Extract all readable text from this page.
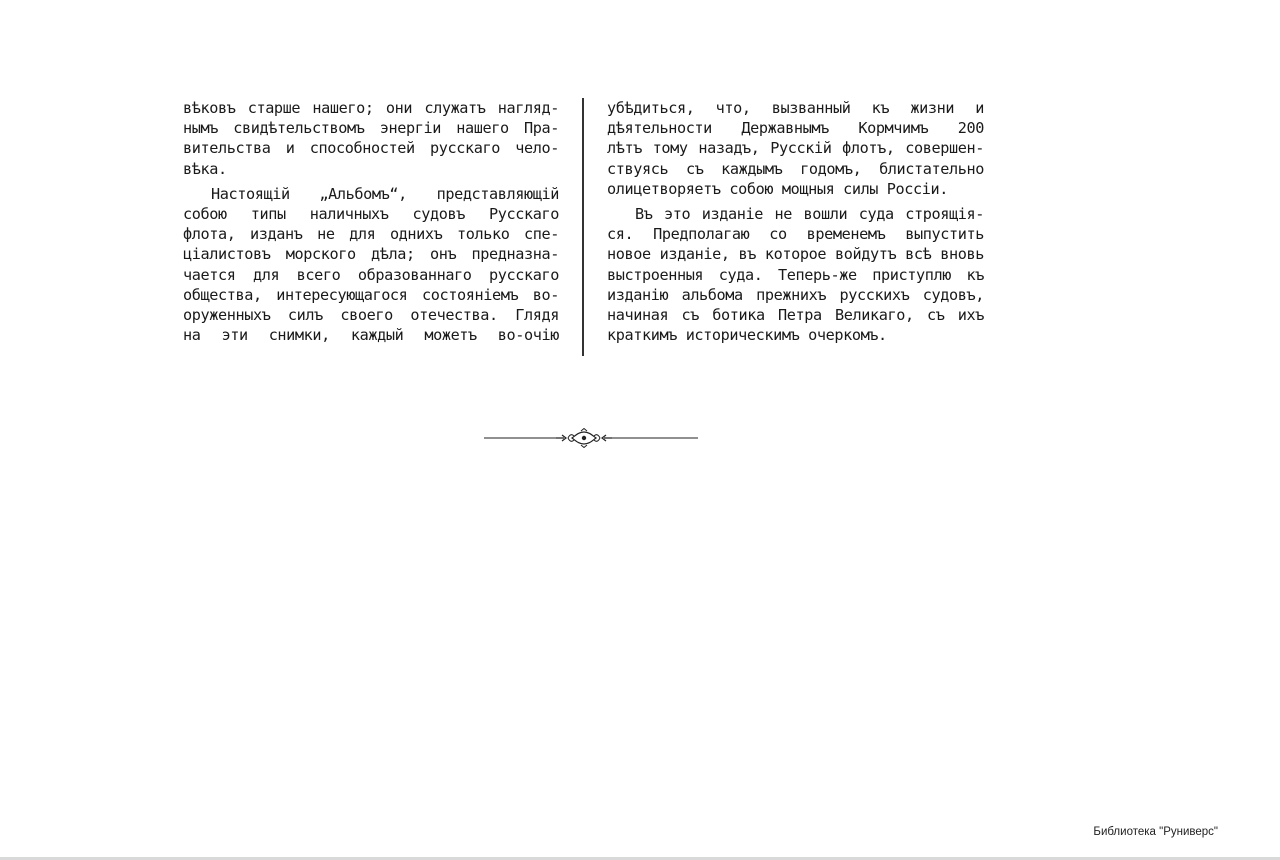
вѣковъ старше нашего; они служатъ нагляд-
нымъ свидѣтельствомъ энергіи нашего Пра-
вительства и способностей русскаго чело-
вѣка.
Настоящій „Альбомъ“, представляющій
собою типы наличныхъ судовъ Русскаго
флота, изданъ не для однихъ только спе-
ціалистовъ морского дѣла; онъ предназна-
чается для всего образованнаго русскаго
общества, интересующагося состояніемъ во-
оруженныхъ силъ своего отечества. Глядя
на эти снимки, каждый можетъ во-очію
убѣдиться, что, вызванный къ жизни и
дѣятельности Державнымъ Кормчимъ 200
лѣтъ тому назадъ, Русскій флотъ, совершен-
ствуясь съ каждымъ годомъ, блистательно
олицетворяетъ собою мощныя силы Россіи.
Въ это изданіе не вошли суда строящія-
ся. Предполагаю со временемъ выпустить
новое изданіе, въ которое войдутъ всѣ вновь
выстроенныя суда. Теперь-же приступлю къ
изданію альбома прежнихъ русскихъ судовъ,
начиная съ ботика Петра Великаго, съ ихъ
краткимъ историческимъ очеркомъ.
Библиотека "Руниверс"
